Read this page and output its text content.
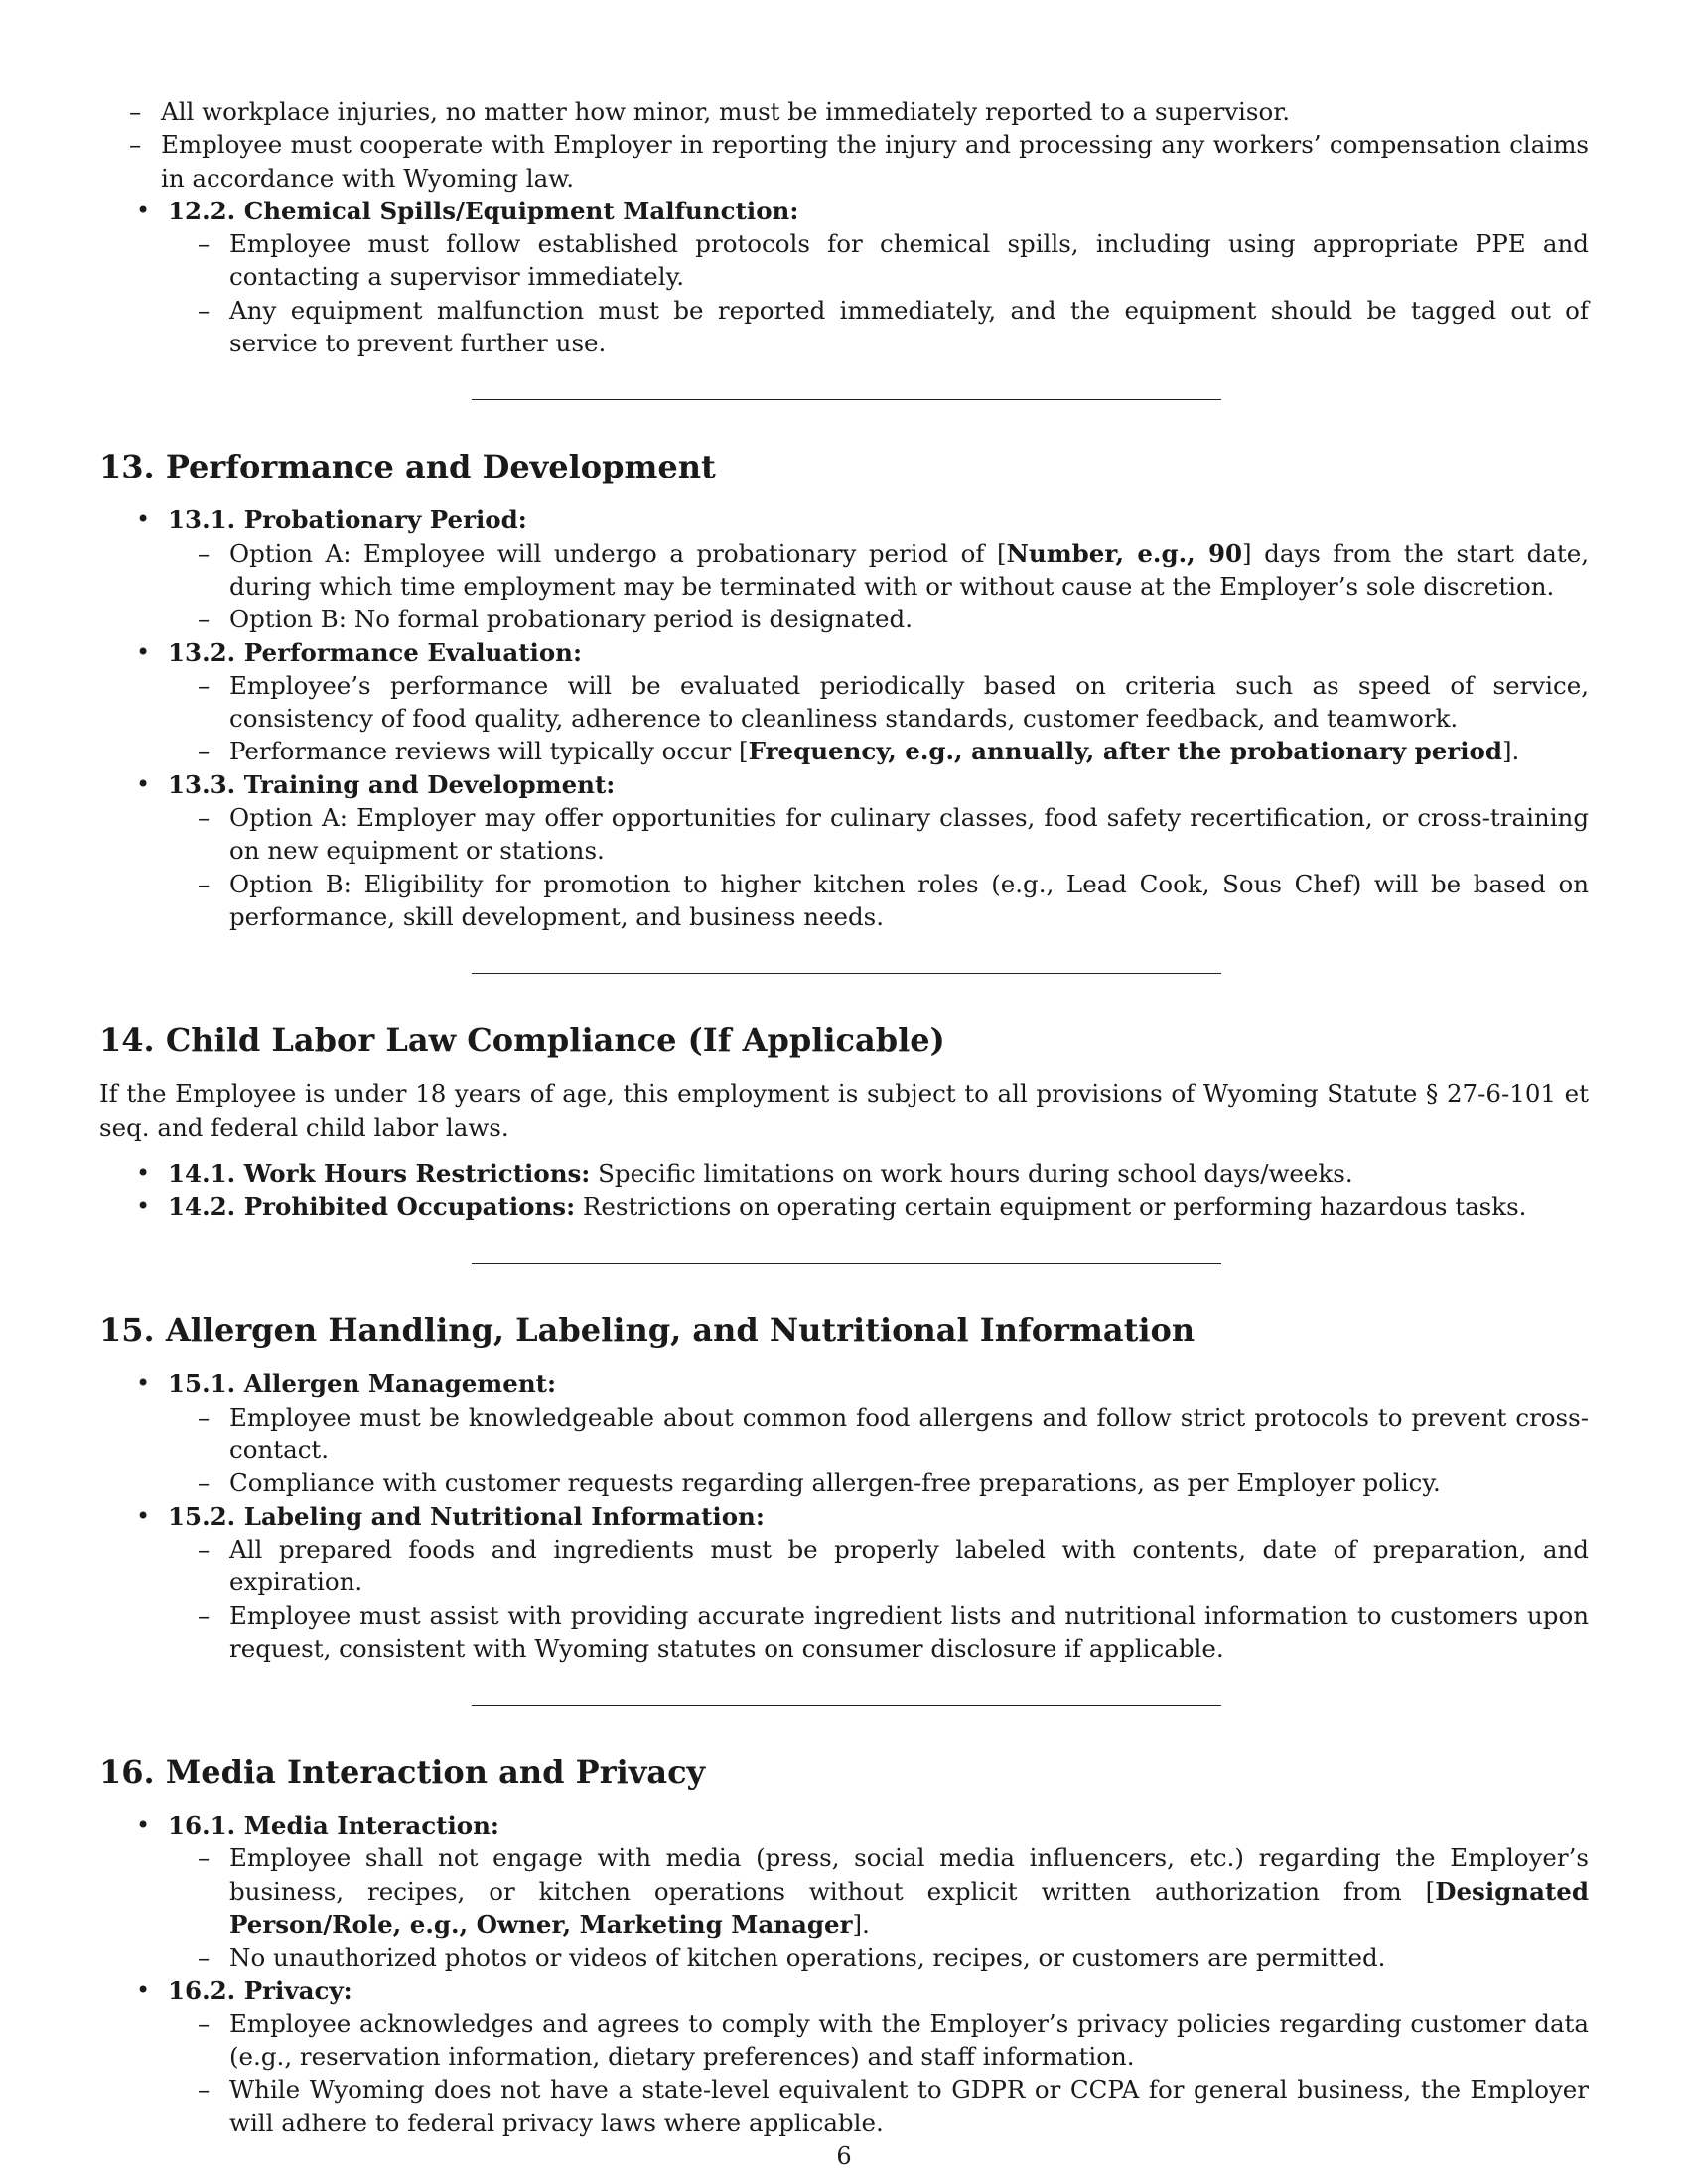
– All workplace injuries, no matter how minor, must be immediately reported to a supervisor.
– Employee must cooperate with Employer in reporting the injury and processing any workers’ compensation claims in accordance with Wyoming law.
• 12.2. Chemical Spills/Equipment Malfunction:
– Employee must follow established protocols for chemical spills, including using appropriate PPE and contacting a supervisor immediately.
– Any equipment malfunction must be reported immediately, and the equipment should be tagged out of service to prevent further use.
13. Performance and Development
• 13.1. Probationary Period:
– Option A: Employee will undergo a probationary period of [Number, e.g., 90] days from the start date, during which time employment may be terminated with or without cause at the Employer’s sole discretion.
– Option B: No formal probationary period is designated.
• 13.2. Performance Evaluation:
– Employee’s performance will be evaluated periodically based on criteria such as speed of service, consistency of food quality, adherence to cleanliness standards, customer feedback, and teamwork.
– Performance reviews will typically occur [Frequency, e.g., annually, after the probationary period].
• 13.3. Training and Development:
– Option A: Employer may offer opportunities for culinary classes, food safety recertification, or cross-training on new equipment or stations.
– Option B: Eligibility for promotion to higher kitchen roles (e.g., Lead Cook, Sous Chef) will be based on performance, skill development, and business needs.
14. Child Labor Law Compliance (If Applicable)

If the Employee is under 18 years of age, this employment is subject to all provisions of Wyoming Statute § 27-6-101 et seq. and federal child labor laws.

• 14.1. Work Hours Restrictions: Specific limitations on work hours during school days/weeks.
• 14.2. Prohibited Occupations: Restrictions on operating certain equipment or performing hazardous tasks.
15. Allergen Handling, Labeling, and Nutritional Information
• 15.1. Allergen Management:
– Employee must be knowledgeable about common food allergens and follow strict protocols to prevent cross-contact.
– Compliance with customer requests regarding allergen-free preparations, as per Employer policy.
• 15.2. Labeling and Nutritional Information:
– All prepared foods and ingredients must be properly labeled with contents, date of preparation, and expiration.
– Employee must assist with providing accurate ingredient lists and nutritional information to customers upon request, consistent with Wyoming statutes on consumer disclosure if applicable.
16. Media Interaction and Privacy
• 16.1. Media Interaction:
– Employee shall not engage with media (press, social media influencers, etc.) regarding the Employer’s business, recipes, or kitchen operations without explicit written authorization from [Designated Person/Role, e.g., Owner, Marketing Manager].
– No unauthorized photos or videos of kitchen operations, recipes, or customers are permitted.
• 16.2. Privacy:
– Employee acknowledges and agrees to comply with the Employer’s privacy policies regarding customer data (e.g., reservation information, dietary preferences) and staff information.
– While Wyoming does not have a state-level equivalent to GDPR or CCPA for general business, the Employer will adhere to federal privacy laws where applicable.
6
